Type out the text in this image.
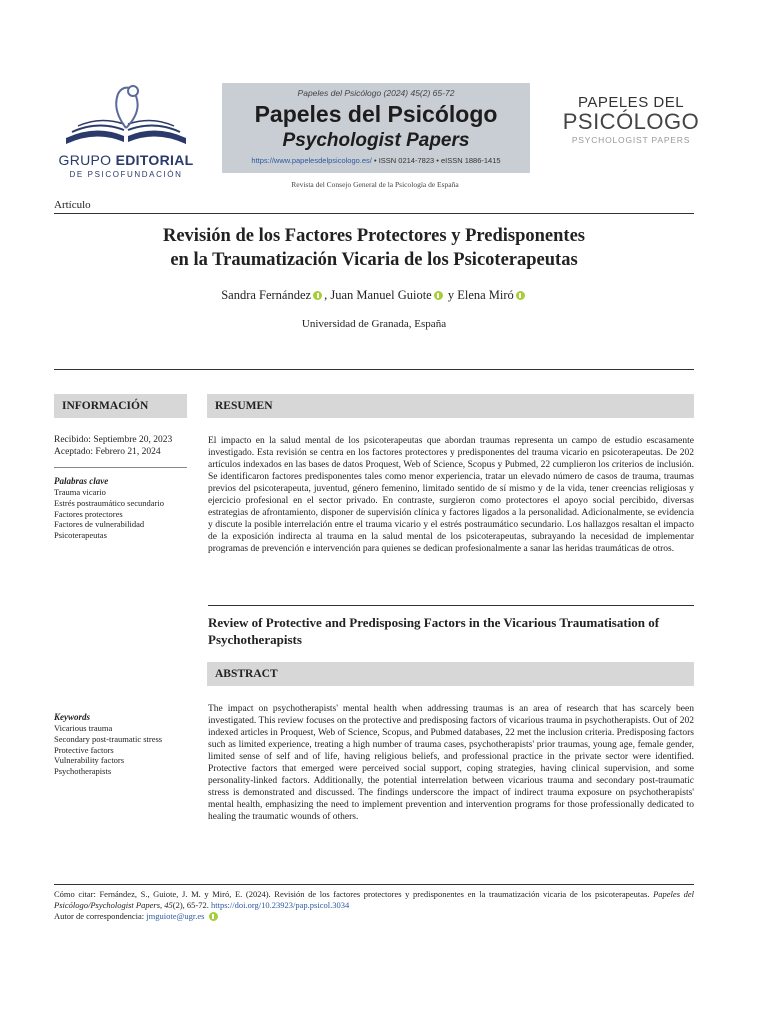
GRUPO EDITORIAL
DE PSICOFUNDACIÓN
Papeles del Psicólogo (2024) 45(2) 65-72
Papeles del Psicólogo
Psychologist Papers
https://www.papelesdelpsicologo.es/ • ISSN 0214-7823 • eISSN 1886-1415
PAPELES DEL
PSICÓLOGO
PSYCHOLOGIST PAPERS
Revista del Consejo General de la Psicología de España
Artículo
Revisión de los Factores Protectores y Predisponentes
en la Traumatización Vicaria de los Psicoterapeutas
Sandra Fernández , Juan Manuel Guiote y Elena Miró
Universidad de Granada, España
INFORMACIÓN	RESUMEN
Recibido: Septiembre 20, 2023
Aceptado: Febrero 21, 2024
Palabras clave
Trauma vicario
Estrés postraumático secundario
Factores protectores
Factores de vulnerabilidad
Psicoterapeutas
El impacto en la salud mental de los psicoterapeutas que abordan traumas representa un campo de estudio escasamente investigado. Esta revisión se centra en los factores protectores y predisponentes del trauma vicario en psicoterapeutas. De 202 artículos indexados en las bases de datos Proquest, Web of Science, Scopus y Pubmed, 22 cumplieron los criterios de inclusión. Se identificaron factores predisponentes tales como menor experiencia, tratar un elevado número de casos de trauma, traumas previos del psicoterapeuta, juventud, género femenino, limitado sentido de sí mismo y de la vida, tener creencias religiosas y ejercicio profesional en el sector privado. En contraste, surgieron como protectores el apoyo social percibido, diversas estrategias de afrontamiento, disponer de supervisión clínica y factores ligados a la personalidad. Adicionalmente, se evidencia y discute la posible interrelación entre el trauma vicario y el estrés postraumático secundario. Los hallazgos resaltan el impacto de la exposición indirecta al trauma en la salud mental de los psicoterapeutas, subrayando la necesidad de implementar programas de prevención e intervención para quienes se dedican profesionalmente a sanar las heridas traumáticas de otros.
Review of Protective and Predisposing Factors in the Vicarious Traumatisation of Psychotherapists
ABSTRACT
Keywords
Vicarious trauma
Secondary post-traumatic stress
Protective factors
Vulnerability factors
Psychotherapists
The impact on psychotherapists' mental health when addressing traumas is an area of research that has scarcely been investigated. This review focuses on the protective and predisposing factors of vicarious trauma in psychotherapists. Out of 202 indexed articles in Proquest, Web of Science, Scopus, and Pubmed databases, 22 met the inclusion criteria. Predisposing factors such as limited experience, treating a high number of trauma cases, psychotherapists' prior traumas, young age, female gender, limited sense of self and of life, having religious beliefs, and professional practice in the private sector were identified. Protective factors that emerged were perceived social support, coping strategies, having clinical supervision, and some personality-linked factors. Additionally, the potential interrelation between vicarious trauma and secondary post-traumatic stress is demonstrated and discussed. The findings underscore the impact of indirect trauma exposure on psychotherapists' mental health, emphasizing the need to implement prevention and intervention programs for those professionally dedicated to healing the traumatic wounds of others.
Cómo citar: Fernández, S., Guiote, J. M. y Miró, E. (2024). Revisión de los factores protectores y predisponentes en la traumatización vicaria de los psicoterapeutas. Papeles del Psicólogo/Psychologist Papers, 45(2), 65-72. https://doi.org/10.23923/pap.psicol.3034
Autor de correspondencia: jmguiote@ugr.es
